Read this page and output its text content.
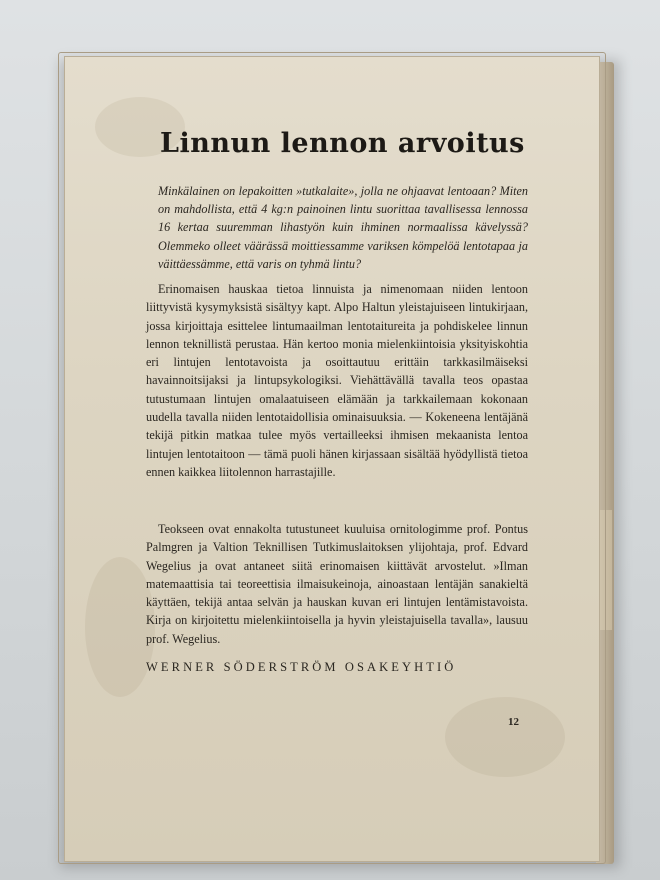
Linnun lennon arvoitus

Minkälainen on lepakoitten »tutkalaite», jolla ne ohjaavat lentoaan? Miten on mahdollista, että 4 kg:n painoinen lintu suorittaa tavallisessa lennossa 16 kertaa suuremman lihastyön kuin ihminen normaalissa kävelyssä? Olemmeko olleet väärässä moittiessamme variksen kömpelöä lentotapaa ja väittäessämme, että varis on tyhmä lintu?

Erinomaisen hauskaa tietoa linnuista ja nimenomaan niiden lentoon liittyvistä kysymyksistä sisältyy kapt. Alpo Haltun yleistajuiseen lintukirjaan, jossa kirjoittaja esittelee lintumaailman lentotaitureita ja pohdiskelee linnun lennon teknillistä perustaa. Hän kertoo monia mielenkiintoisia yksityiskohtia eri lintujen lentotavoista ja osoittautuu erittäin tarkkasilmäiseksi havainnoitsijaksi ja lintupsykologiksi. Viehättävällä tavalla teos opastaa tutustumaan lintujen omalaatuiseen elämään ja tarkkailemaan kokonaan uudella tavalla niiden lentotaidollisia ominaisuuksia. — Kokeneena lentäjänä tekijä pitkin matkaa tulee myös vertailleeksi ihmisen mekaanista lentoa lintujen lentotaitoon — tämä puoli hänen kirjassaan sisältää hyödyllistä tietoa ennen kaikkea liitolennon harrastajille.

Teokseen ovat ennakolta tutustuneet kuuluisa ornitologimme prof. Pontus Palmgren ja Valtion Teknillisen Tutkimuslaitoksen ylijohtaja, prof. Edvard Wegelius ja ovat antaneet siitä erinomaisen kiittävät arvostelut. »Ilman matemaattisia tai teoreettisia ilmaisukeinoja, ainoastaan lentäjän sanakieltä käyttäen, tekijä antaa selvän ja hauskan kuvan eri lintujen lentämistavoista. Kirja on kirjoitettu mielenkiintoisella ja hyvin yleistajuisella tavalla», lausuu prof. Wegelius.

WERNER SÖDERSTRÖM OSAKEYHTIÖ
12
